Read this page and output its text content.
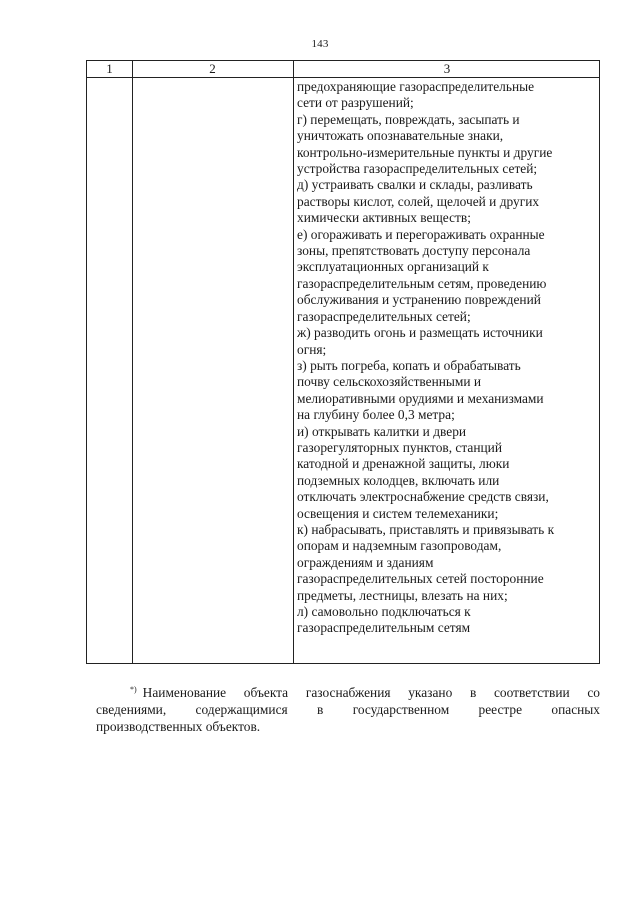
143
1	2	3
предохраняющие газораспределительные
сети от разрушений;
г) перемещать, повреждать, засыпать и
уничтожать опознавательные знаки,
контрольно-измерительные пункты и другие
устройства газораспределительных сетей;
д) устраивать свалки и склады, разливать
растворы кислот, солей, щелочей и других
химически активных веществ;
е) огораживать и перегораживать охранные
зоны, препятствовать доступу персонала
эксплуатационных организаций к
газораспределительным сетям, проведению
обслуживания и устранению повреждений
газораспределительных сетей;
ж) разводить огонь и размещать источники
огня;
з) рыть погреба, копать и обрабатывать
почву сельскохозяйственными и
мелиоративными орудиями и механизмами
на глубину более 0,3 метра;
и) открывать калитки и двери
газорегуляторных пунктов, станций
катодной и дренажной защиты, люки
подземных колодцев, включать или
отключать электроснабжение средств связи,
освещения и систем телемеханики;
к) набрасывать, приставлять и привязывать к
опорам и надземным газопроводам,
ограждениям и зданиям
газораспределительных сетей посторонние
предметы, лестницы, влезать на них;
л) самовольно подключаться к
газораспределительным сетям
*) Наименование объекта газоснабжения указано в соответствии со
сведениями, содержащимися в государственном реестре опасных
производственных объектов.
